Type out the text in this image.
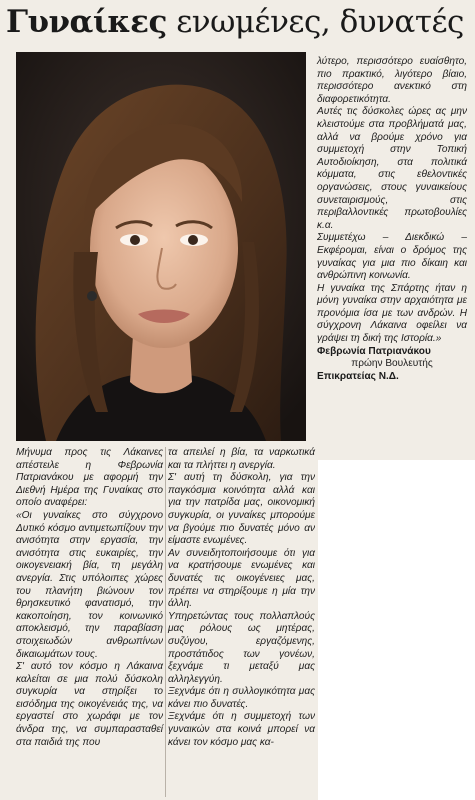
Γυναίκες ενωμένες, δυνατές

λύτερο, περισσότερο ευαίσθητο, πιο πρακτικό, λιγότερο βίαιο, περισσότερο ανεκτικό στη διαφορετικότητα.

Αυτές τις δύσκολες ώρες ας μην κλειστούμε στα προβλήματά μας, αλλά να βρούμε χρόνο για συμμετοχή στην Τοπική Αυτοδιοίκηση, στα πολιτικά κόμματα, στις εθελοντικές οργανώσεις, στους γυναικείους συνεταιρισμούς, στις περιβαλλοντικές πρωτοβουλίες κ.α.

Συμμετέχω – Διεκδικώ – Εκφέρομαι, είναι ο δρόμος της γυναίκας για μια πιο δίκαιη και ανθρώπινη κοινωνία.

Η γυναίκα της Σπάρτης ήταν η μόνη γυναίκα στην αρχαιότητα με προνόμια ίσα με των ανδρών. Η σύγχρονη Λάκαινα οφείλει να γράψει τη δική της Ιστορία.»

Φεβρωνία Πατριανάκου

πρώην Βουλευτής

Επικρατείας Ν.Δ.

Μήνυμα προς τις Λάκαινες απέστειλε η Φεβρωνία Πατριανάκου με αφορμή την Διεθνή Ημέρα της Γυναίκας στο οποίο αναφέρει:

«Οι γυναίκες στο σύγχρονο Δυτικό κόσμο αντιμετωπίζουν την ανισότητα στην εργασία, την ανισότητα στις ευκαιρίες, την οικογενειακή βία, τη μεγάλη ανεργία. Στις υπόλοιπες χώρες του πλανήτη βιώνουν τον θρησκευτικό φανατισμό, την κακοποίηση, τον κοινωνικό αποκλεισμό, την παραβίαση στοιχειωδών ανθρωπίνων δικαιωμάτων τους.

Σ' αυτό τον κόσμο η Λάκαινα καλείται σε μια πολύ δύσκολη συγκυρία να στηρίξει το εισόδημα της οικογένειάς της, να εργαστεί στο χωράφι με τον άνδρα της, να συμπαρασταθεί στα παιδιά της που

τα απειλεί η βία, τα ναρκωτικά και τα πλήττει η ανεργία.

Σ' αυτή τη δύσκολη, για την παγκόσμια κοινότητα αλλά και για την πατρίδα μας, οικονομική συγκυρία, οι γυναίκες μπορούμε να βγούμε πιο δυνατές μόνο αν είμαστε ενωμένες.

Αν συνειδητοποιήσουμε ότι για να κρατήσουμε ενωμένες και δυνατές τις οικογένειες μας, πρέπει να στηρίξουμε η μία την άλλη.

Υπηρετώντας τους πολλαπλούς μας ρόλους ως μητέρας, συζύγου, εργαζόμενης, προστάτιδος των γονέων, ξεχνάμε τι μεταξύ μας αλληλεγγύη.

Ξεχνάμε ότι η συλλογικότητα μας κάνει πιο δυνατές.

Ξεχνάμε ότι η συμμετοχή των γυναικών στα κοινά μπορεί να κάνει τον κόσμο μας κα-
